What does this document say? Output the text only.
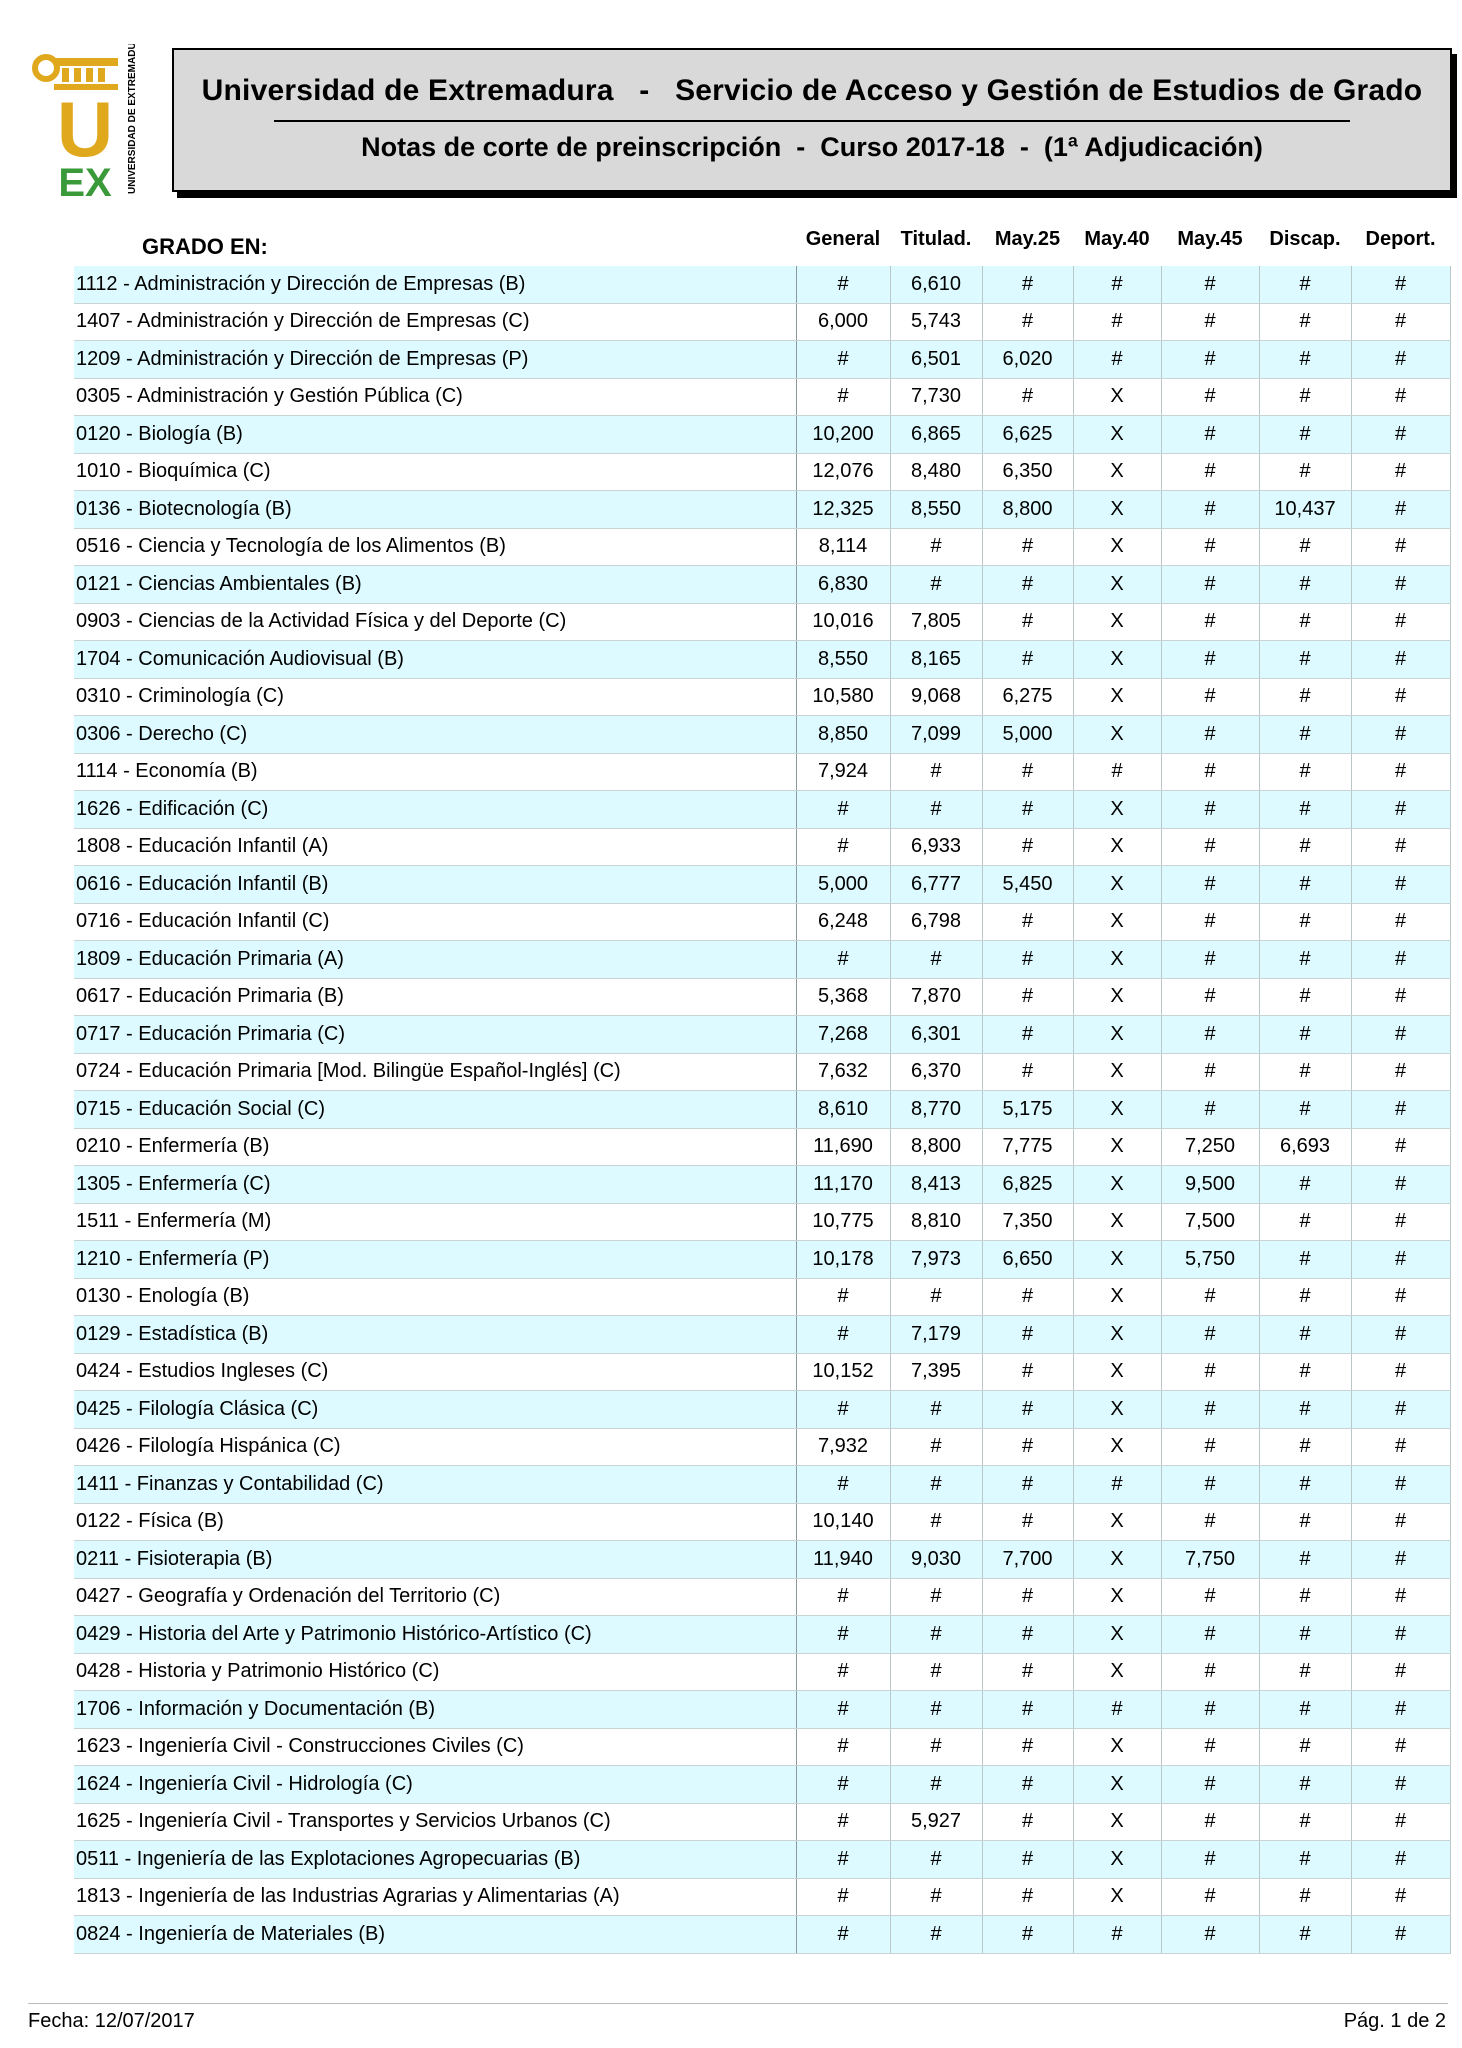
U
EX UNIVERSIDAD DE EXTREMADURA	Universidad de Extremadura   -   Servicio de Acceso y Gestión de Estudios de Grado
Notas de corte de preinscripción  -  Curso 2017-18  -  (1ª Adjudicación)
GRADO EN:	General	Titulad.	May.25	May.40	May.45	Discap.	Deport.
1112 - Administración y Dirección de Empresas (B)	#	6,610	#	#	#	#	#
1407 - Administración y Dirección de Empresas (C)	6,000	5,743	#	#	#	#	#
1209 - Administración y Dirección de Empresas (P)	#	6,501	6,020	#	#	#	#
0305 - Administración y Gestión Pública (C)	#	7,730	#	X	#	#	#
0120 - Biología (B)	10,200	6,865	6,625	X	#	#	#
1010 - Bioquímica (C)	12,076	8,480	6,350	X	#	#	#
0136 - Biotecnología (B)	12,325	8,550	8,800	X	#	10,437	#
0516 - Ciencia y Tecnología de los Alimentos (B)	8,114	#	#	X	#	#	#
0121 - Ciencias Ambientales (B)	6,830	#	#	X	#	#	#
0903 - Ciencias de la Actividad Física y del Deporte (C)	10,016	7,805	#	X	#	#	#
1704 - Comunicación Audiovisual (B)	8,550	8,165	#	X	#	#	#
0310 - Criminología (C)	10,580	9,068	6,275	X	#	#	#
0306 - Derecho (C)	8,850	7,099	5,000	X	#	#	#
1114 - Economía (B)	7,924	#	#	#	#	#	#
1626 - Edificación (C)	#	#	#	X	#	#	#
1808 - Educación Infantil (A)	#	6,933	#	X	#	#	#
0616 - Educación Infantil (B)	5,000	6,777	5,450	X	#	#	#
0716 - Educación Infantil (C)	6,248	6,798	#	X	#	#	#
1809 - Educación Primaria (A)	#	#	#	X	#	#	#
0617 - Educación Primaria (B)	5,368	7,870	#	X	#	#	#
0717 - Educación Primaria (C)	7,268	6,301	#	X	#	#	#
0724 - Educación Primaria [Mod. Bilingüe Español-Inglés] (C)	7,632	6,370	#	X	#	#	#
0715 - Educación Social (C)	8,610	8,770	5,175	X	#	#	#
0210 - Enfermería (B)	11,690	8,800	7,775	X	7,250	6,693	#
1305 - Enfermería (C)	11,170	8,413	6,825	X	9,500	#	#
1511 - Enfermería (M)	10,775	8,810	7,350	X	7,500	#	#
1210 - Enfermería (P)	10,178	7,973	6,650	X	5,750	#	#
0130 - Enología (B)	#	#	#	X	#	#	#
0129 - Estadística (B)	#	7,179	#	X	#	#	#
0424 - Estudios Ingleses (C)	10,152	7,395	#	X	#	#	#
0425 - Filología Clásica (C)	#	#	#	X	#	#	#
0426 - Filología Hispánica (C)	7,932	#	#	X	#	#	#
1411 - Finanzas y Contabilidad (C)	#	#	#	#	#	#	#
0122 - Física (B)	10,140	#	#	X	#	#	#
0211 - Fisioterapia (B)	11,940	9,030	7,700	X	7,750	#	#
0427 - Geografía y Ordenación del Territorio (C)	#	#	#	X	#	#	#
0429 - Historia del Arte y Patrimonio Histórico-Artístico (C)	#	#	#	X	#	#	#
0428 - Historia y Patrimonio Histórico (C)	#	#	#	X	#	#	#
1706 - Información y Documentación (B)	#	#	#	#	#	#	#
1623 - Ingeniería Civil - Construcciones Civiles (C)	#	#	#	X	#	#	#
1624 - Ingeniería Civil - Hidrología (C)	#	#	#	X	#	#	#
1625 - Ingeniería Civil - Transportes y Servicios Urbanos (C)	#	5,927	#	X	#	#	#
0511 - Ingeniería de las Explotaciones Agropecuarias (B)	#	#	#	X	#	#	#
1813 - Ingeniería de las Industrias Agrarias y Alimentarias (A)	#	#	#	X	#	#	#
0824 - Ingeniería de Materiales (B)	#	#	#	#	#	#	#
Fecha: 12/07/2017	Pág. 1 de 2
